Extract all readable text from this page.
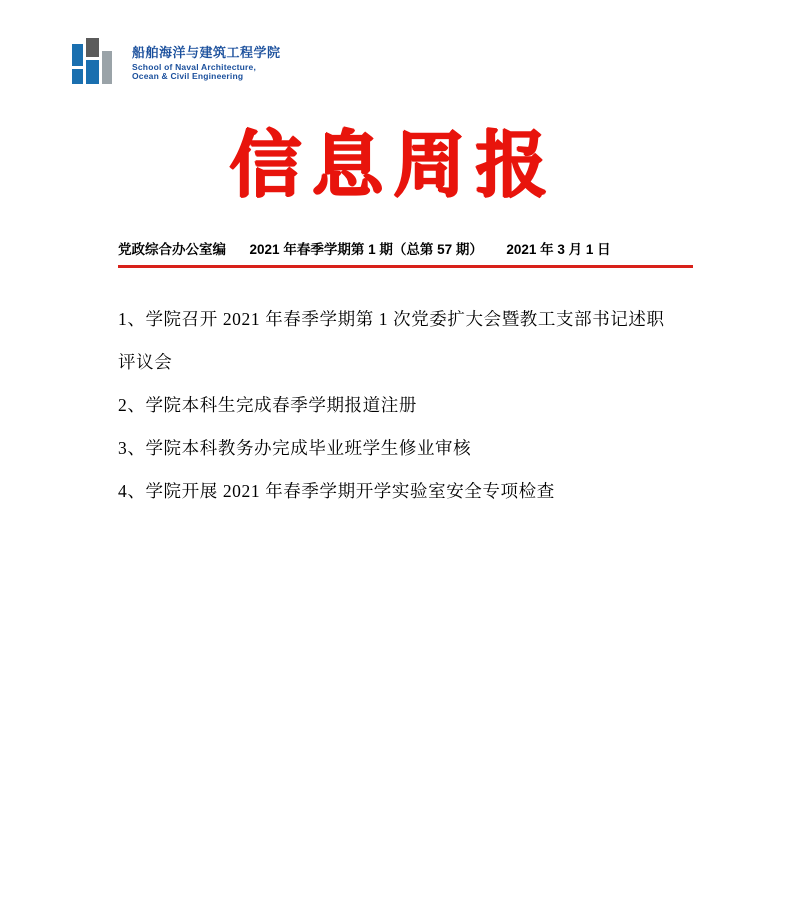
船舶海洋与建筑工程学院
School of Naval Architecture,
Ocean & Civil Engineering
信息周报
党政综合办公室编 2021 年春季学期第 1 期（总第 57 期） 2021 年 3 月 1 日
1、学院召开 2021 年春季学期第 1 次党委扩大会暨教工支部书记述职
评议会
2、学院本科生完成春季学期报道注册
3、学院本科教务办完成毕业班学生修业审核
4、学院开展 2021 年春季学期开学实验室安全专项检查
